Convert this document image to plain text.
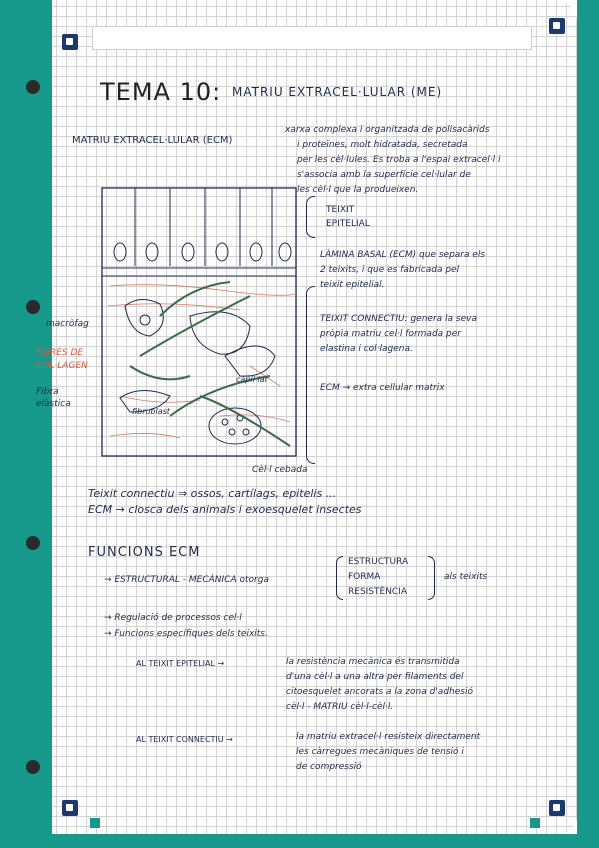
TEMA 10: MATRIU EXTRACEL·LULAR (ME)
MATRIU EXTRACEL·LULAR (ECM)
xarxa complexa i organitzada de polisacàrids
i proteïnes, molt hidratada, secretada
per les cèl·lules. Es troba a l'espai extracel·l i
s'associa amb la superfície cel·lular de
les cèl·l que la produeixen.
TEIXIT
EPITELIAL
LÀMINA BASAL (ECM) que separa els
2 teixits, i que es fabricada pel
teixit epitelial.
TEIXIT CONNECTIU: genera la seva
pròpia matriu cel·l formada per
elastina i col·lagena.
ECM → extra cellular matrix
macròfag
FIBRES DE
COL·LAGEN
Fibra
elàstica
capil·lar
fibroblast
Cèl·l cebada
Teixit connectiu ⇒ ossos, cartílags, epitelis ...
ECM → closca dels animals i exoesquelet insectes
FUNCIONS ECM
→ ESTRUCTURAL - MECÀNICA otorga
ESTRUCTURA
FORMA
RESISTÈNCIA
als teixits
→ Regulació de processos cel·l
→ Funcions específiques dels teixits.
AL TEIXIT EPITELIAL →	la resistència mecànica és transmitida
d'una cèl·l a una altra per filaments del
citoesquelet ancorats a la zona d'adhesió
cèl·l - MATRIU cèl·l-cèl·l.
AL TEIXIT CONNECTIU →	la matriu extracel·l resisteix directament
les càrregues mecàniques de tensió i
de compressió
